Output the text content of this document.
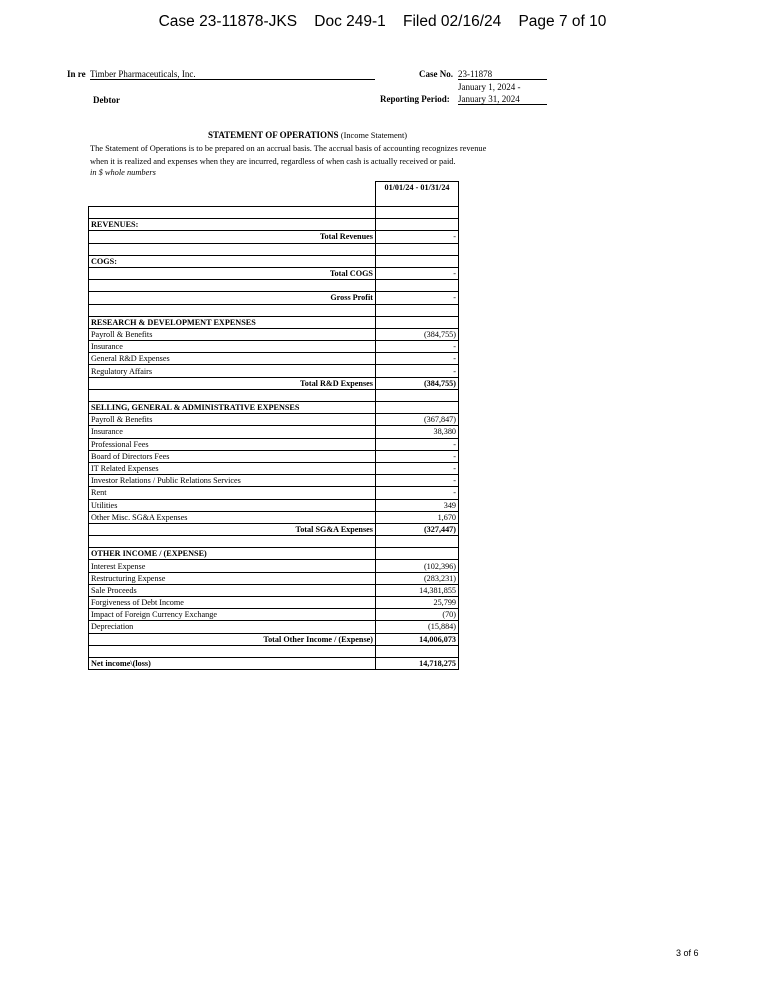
Case 23-11878-JKS    Doc 249-1    Filed 02/16/24    Page 7 of 10
In re Timber Pharmaceuticals, Inc.
Debtor
Case No. 23-11878
January 1, 2024 -
Reporting Period: January 31, 2024
STATEMENT OF OPERATIONS (Income Statement)
The Statement of Operations is to be prepared on an accrual basis. The accrual basis of accounting recognizes revenue
when it is realized and expenses when they are incurred, regardless of when cash is actually received or paid.
in $ whole numbers
	01/01/24 - 01/31/24

REVENUES:	
Total Revenues	-

COGS:	
Total COGS	-

Gross Profit	-

RESEARCH & DEVELOPMENT EXPENSES	
Payroll & Benefits	(384,755)
Insurance	-
General R&D Expenses	-
Regulatory Affairs	-
Total R&D Expenses	(384,755)

SELLING, GENERAL & ADMINISTRATIVE EXPENSES	
Payroll & Benefits	(367,847)
Insurance	38,380
Professional Fees	-
Board of Directors Fees	-
IT Related Expenses	-
Investor Relations / Public Relations Services	-
Rent	-
Utilities	349
Other Misc. SG&A Expenses	1,670
Total SG&A Expenses	(327,447)

OTHER INCOME / (EXPENSE)	
Interest Expense	(102,396)
Restructuring Expense	(283,231)
Sale Proceeds	14,381,855
Forgiveness of Debt Income	25,799
Impact of Foreign Currency Exchange	(70)
Depreciation	(15,884)
Total Other Income / (Expense)	14,006,073

Net income\(loss)	14,718,275
3 of 6
